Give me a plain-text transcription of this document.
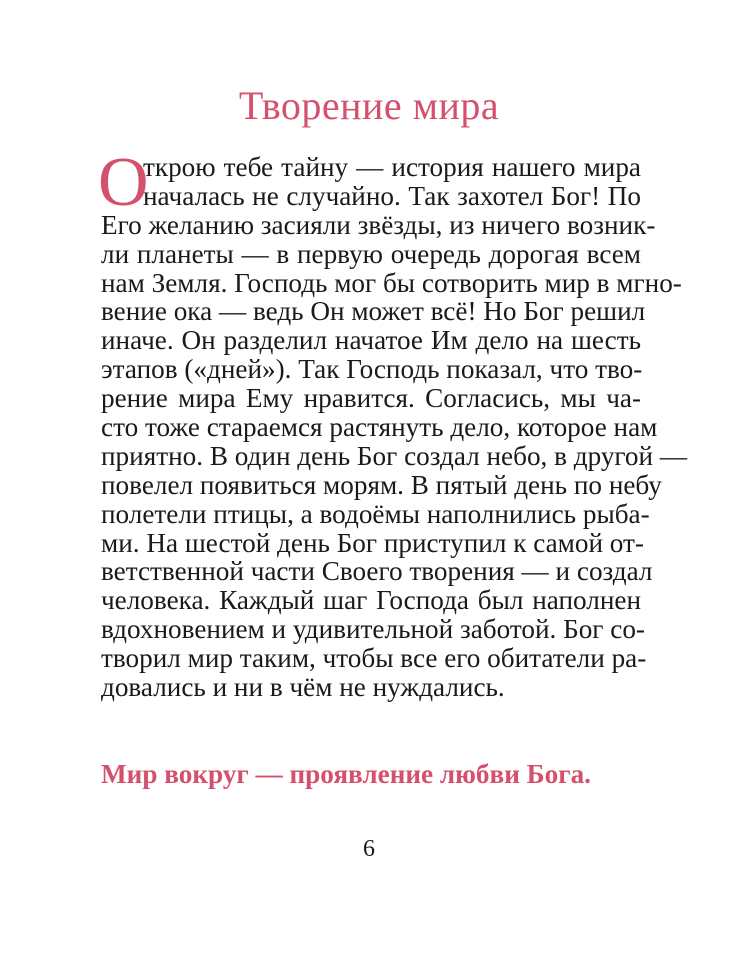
Творение мира
О
ткрою тебе тайну — история нашего мира
началась не случайно. Так захотел Бог! По
Его желанию засияли звёзды, из ничего возник-
ли планеты — в первую очередь дорогая всем
нам Земля. Господь мог бы сотворить мир в мгно-
вение ока — ведь Он может всё! Но Бог решил
иначе. Он разделил начатое Им дело на шесть
этапов («дней»). Так Господь показал, что тво-
рение мира Ему нравится. Согласись, мы ча-
сто тоже стараемся растянуть дело, которое нам
приятно. В один день Бог создал небо, в другой —
повелел появиться морям. В пятый день по небу
полетели птицы, а водоёмы наполнились рыба-
ми. На шестой день Бог приступил к самой от-
ветственной части Своего творения — и создал
человека. Каждый шаг Господа был наполнен
вдохновением и удивительной заботой. Бог со-
творил мир таким, чтобы все его обитатели ра-
довались и ни в чём не нуждались.

Мир вокруг — проявление любви Бога.

6
